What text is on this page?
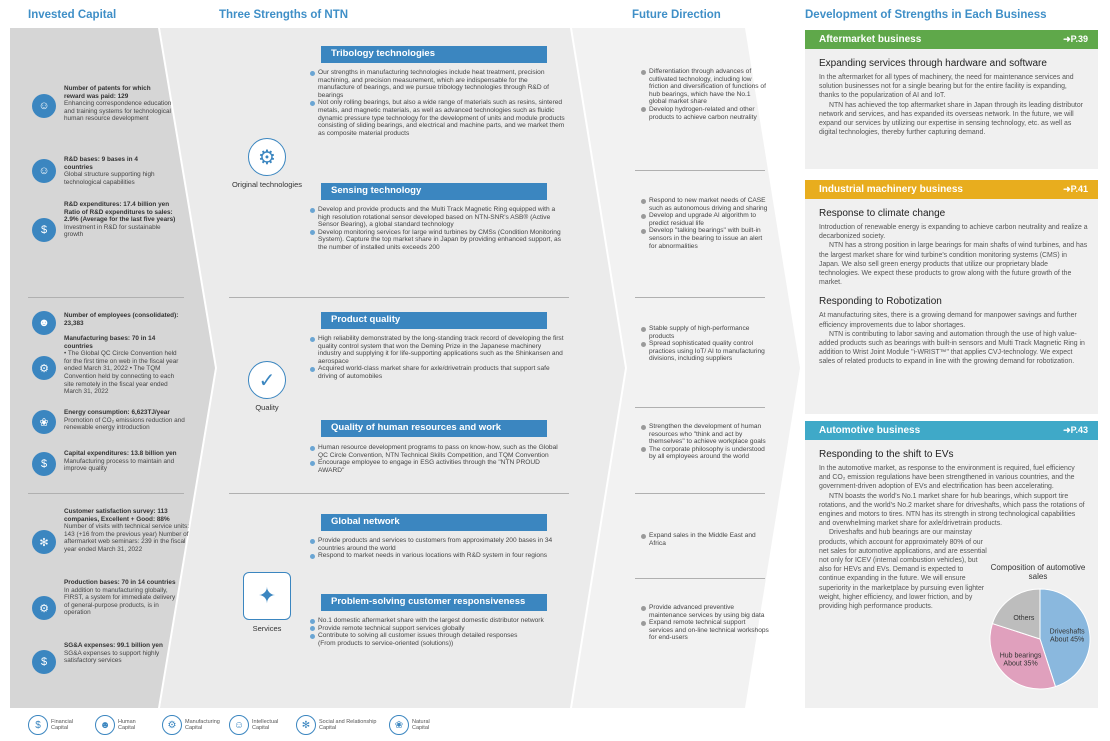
Invested Capital	Three Strengths of NTN	Future Direction	Development of Strengths in Each Business
☺
Number of patents for which reward was paid: 129
Enhancing correspondence education and training systems for technological human resource development
☺
R&D bases: 9 bases in 4 countries
Global structure supporting high technological capabilities
$
R&D expenditures: 17.4 billion yen Ratio of R&D expenditures to sales: 2.9% (Average for the last five years)
Investment in R&D for sustainable growth
☻
Number of employees (consolidated): 23,383
⚙
Manufacturing bases: 70 in 14 countries
• The Global QC Circle Convention held for the first time on web in the fiscal year ended March 31, 2022 • The TQM Convention held by connecting to each site remotely in the fiscal year ended March 31, 2022
❀
Energy consumption: 6,623TJ/year
Promotion of CO₂ emissions reduction and renewable energy introduction
$
Capital expenditures: 13.8 billion yen
Manufacturing process to maintain and improve quality
✻
Customer satisfaction survey: 113 companies, Excellent + Good: 88%
Number of visits with technical service units: 143 (+16 from the previous year) Number of aftermarket web seminars: 239 in the fiscal year ended March 31, 2022
⚙
Production bases: 70 in 14 countries
In addition to manufacturing globally, FIRST, a system for immediate delivery of general-purpose products, is in operation
$
SG&A expenses: 99.1 billion yen
SG&A expenses to support highly satisfactory services
⚙
Original technologies
✓
Quality
✦
Services
Tribology technologies
Our strengths in manufacturing technologies include heat treatment, precision machining, and precision measurement, which are indispensable for the manufacture of bearings, and we pursue tribology technologies through R&D of bearings
Not only rolling bearings, but also a wide range of materials such as resins, sintered metals, and magnetic materials, as well as advanced technologies such as fluidic dynamic pressure type technology for the development of units and module products consisting of sliding bearings, and electrical and machine parts, and we market them as composite material products
Sensing technology
Develop and provide products and the Multi Track Magnetic Ring equipped with a high resolution rotational sensor developed based on NTN-SNR's ASB® (Active Sensor Bearing), a global standard technology
Develop monitoring services for large wind turbines by CMSs (Condition Monitoring System). Capture the top market share in Japan by providing enhanced support, as the number of installed units exceeds 200
Product quality
High reliability demonstrated by the long-standing track record of developing the first quality control system that won the Deming Prize in the Japanese machinery industry and supplying it for life-supporting applications such as the Shinkansen and aerospace
Acquired world-class market share for axle/drivetrain products that support safe driving of automobiles
Quality of human resources and work
Human resource development programs to pass on know-how, such as the Global QC Circle Convention, NTN Technical Skills Competition, and TQM Convention
Encourage employee to engage in ESG activities through the "NTN PROUD AWARD"
Global network
Provide products and services to customers from approximately 200 bases in 34 countries around the world
Respond to market needs in various locations with R&D system in four regions
Problem-solving customer responsiveness
No.1 domestic aftermarket share with the largest domestic distributor network
Provide remote technical support services globally
Contribute to solving all customer issues through detailed responses
(From products to service-oriented (solutions))
Differentiation through advances of cultivated technology, including low friction and diversification of functions of hub bearings, which have the No.1 global market share
Develop hydrogen-related and other products to achieve carbon neutrality
Respond to new market needs of CASE such as autonomous driving and sharing
Develop and upgrade AI algorithm to predict residual life
Develop "talking bearings" with built-in sensors in the bearing to issue an alert for abnormalities
Stable supply of high-performance products
Spread sophisticated quality control practices using IoT/ AI to manufacturing divisions, including suppliers
Strengthen the development of human resources who "think and act by themselves" to achieve workplace goals
The corporate philosophy is understood by all employees around the world
Expand sales in the Middle East and Africa
Provide advanced preventive maintenance services by using big data
Expand remote technical support services and on-line technical workshops for end-users
Aftermarket business	➜P.39
Expanding services through hardware and software

In the aftermarket for all types of machinery, the need for maintenance services and solution businesses not for a single bearing but for the entire facility is expanding, thanks to the popularization of AI and IoT.

NTN has achieved the top aftermarket share in Japan through its leading distributor network and services, and has expanded its overseas network. In the future, we will expand our services by utilizing our expertise in sensing technology, etc. as well as digital technologies, thereby further capturing demand.

Industrial machinery business	➜P.41
Response to climate change

Introduction of renewable energy is expanding to achieve carbon neutrality and realize a decarbonized society.

NTN has a strong position in large bearings for main shafts of wind turbines, and has the largest market share for wind turbine's condition monitoring systems (CMS) in Japan. We also sell green energy products that utilize our proprietary blade technologies. We expect these products to grow along with the future growth of the market.

Responding to Robotization

At manufacturing sites, there is a growing demand for manpower savings and further efficiency improvements due to labor shortages.

NTN is contributing to labor saving and automation through the use of high value-added products such as bearings with built-in sensors and Multi Track Magnetic Ring in addition to Wrist Joint Module "i-WRIST™" that applies CVJ-technology. We expect sales of related products to expand in line with the growing demand for robotization.

Automotive business	➜P.43
Responding to the shift to EVs

In the automotive market, as response to the environment is required, fuel efficiency and CO₂ emission regulations have been strengthened in various countries, and the government-driven adoption of EVs and electrification has been accelerating.

NTN boasts the world's No.1 market share for hub bearings, which support tire rotations, and the world's No.2 market share for driveshafts, which pass the rotations of engines and motors to tires. NTN has its strength in strong technological capabilities and overwhelming market share for axle/drivetrain products.

Driveshafts and hub bearings are our mainstay products, which account for approximately 80% of our net sales for automotive applications, and are essential not only for ICEV (internal combustion vehicles), but also for HEVs and EVs. Demand is expected to continue expanding in the future. We will ensure superiority in the marketplace by pursuing even lighter weight, higher efficiency, and lower friction, and by providing high performance products.

Composition of automotive sales
Driveshafts
About 45%
Hub bearings
About 35%
Others
$	Financial Capital	☻	Human Capital	⚙	Manufacturing Capital	☺	Intellectual Capital	✻	Social and Relationship Capital	❀	Natural Capital
